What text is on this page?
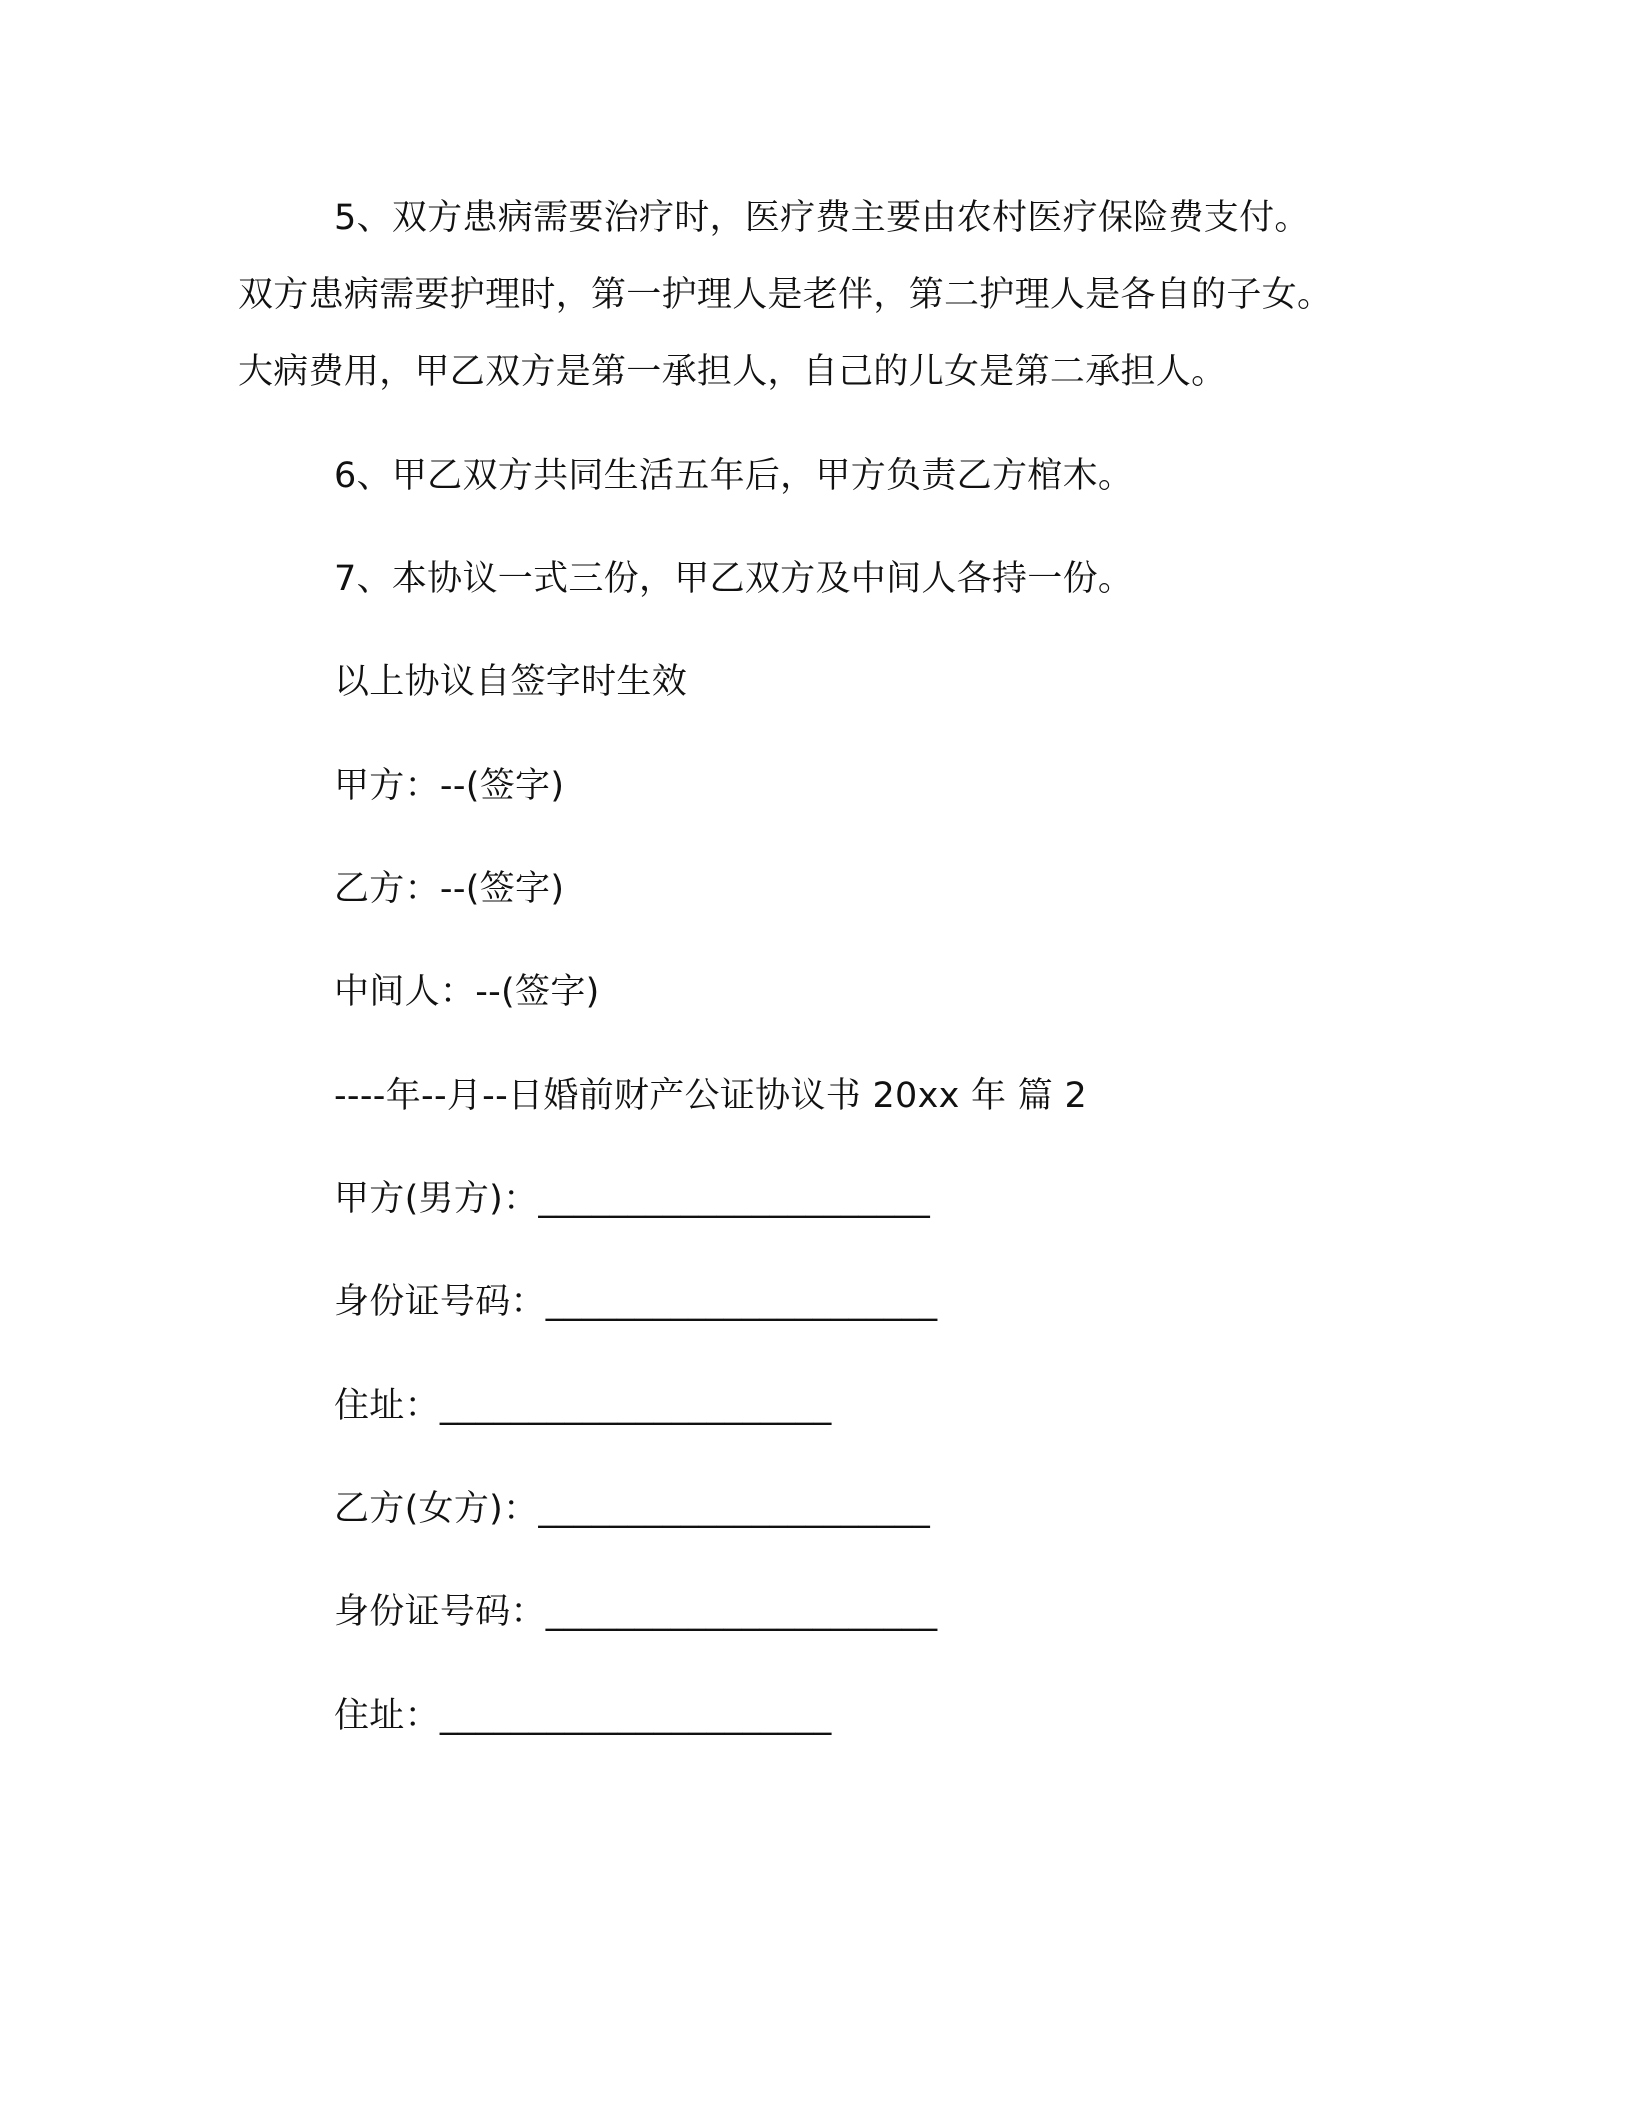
5、双方患病需要治疗时，医疗费主要由农村医疗保险费支付。
双方患病需要护理时，第一护理人是老伴，第二护理人是各自的子女。
大病费用，甲乙双方是第一承担人，自己的儿女是第二承担人。
6、甲乙双方共同生活五年后，甲方负责乙方棺木。
7、本协议一式三份，甲乙双方及中间人各持一份。
以上协议自签字时生效
甲方：--(签字)
乙方：--(签字)
中间人：--(签字)
----年--月--日婚前财产公证协议书 20xx 年 篇 2
甲方(男方)：______________________
身份证号码：______________________
住址：______________________
乙方(女方)：______________________
身份证号码：______________________
住址：______________________
